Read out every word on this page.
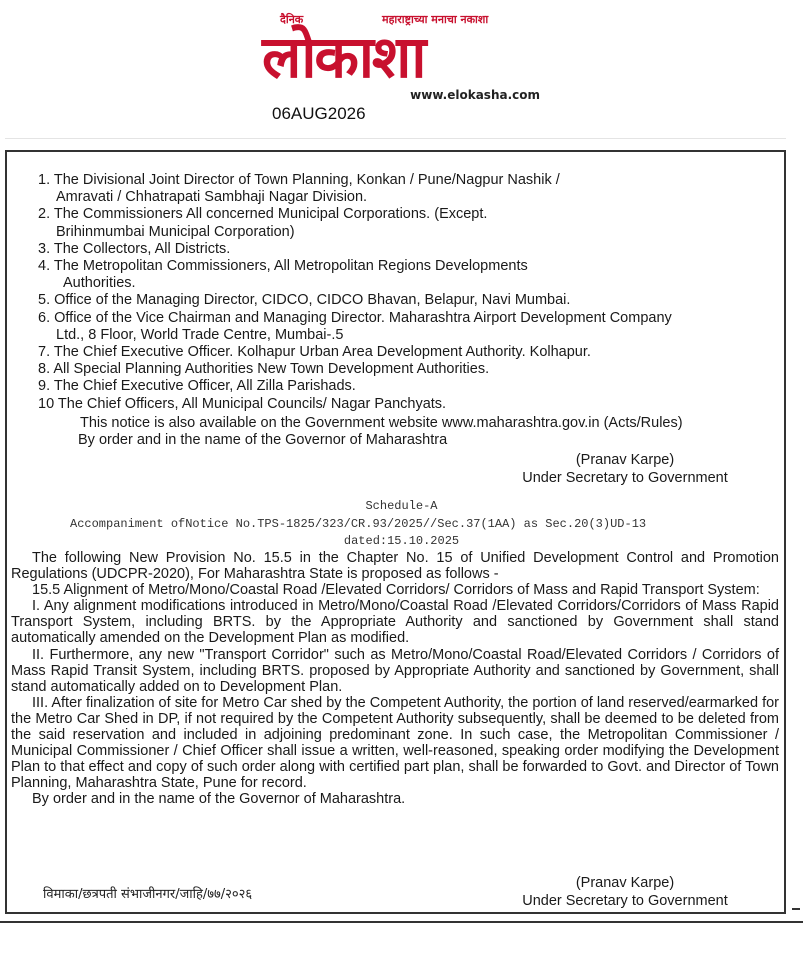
दैनिक	महाराष्ट्राच्या मनाचा नकाशा
लोकाशा
www.elokasha.com
06AUG2026
1. The Divisional Joint Director of Town Planning, Konkan / Pune/Nagpur Nashik /
Amravati / Chhatrapati Sambhaji Nagar Division.
2. The Commissioners All concerned Municipal Corporations. (Except.
Brihinmumbai Municipal Corporation)
3. The Collectors, All Districts.
4. The Metropolitan Commissioners, All Metropolitan Regions Developments
Authorities.
5. Office of the Managing Director, CIDCO, CIDCO Bhavan, Belapur, Navi Mumbai.
6. Office of the Vice Chairman and Managing Director. Maharashtra Airport Development Company
Ltd., 8 Floor, World Trade Centre, Mumbai-.5
7. The Chief Executive Officer. Kolhapur Urban Area Development Authority. Kolhapur.
8. All Special Planning Authorities New Town Development Authorities.
9. The Chief Executive Officer, All Zilla Parishads.
10 The Chief Officers, All Municipal Councils/ Nagar Panchyats.
This notice is also available on the Government website www.maharashtra.gov.in (Acts/Rules)
By order and in the name of the Governor of Maharashtra
(Pranav Karpe)
Under Secretary to Government
Schedule-A
Accompaniment ofNotice No.TPS-1825/323/CR.93/2025//Sec.37(1AA) as Sec.20(3)UD-13
dated:15.10.2025

The following New Provision No. 15.5 in the Chapter No. 15 of Unified Development Control and Promotion Regulations (UDCPR-2020), For Maharashtra State is proposed as follows -

15.5 Alignment of Metro/Mono/Coastal Road /Elevated Corridors/ Corridors of Mass and Rapid Transport System:

I. Any alignment modifications introduced in Metro/Mono/Coastal Road /Elevated Corridors/Corridors of Mass Rapid Transport System, including BRTS. by the Appropriate Authority and sanctioned by Government shall stand automatically amended on the Development Plan as modified.

II. Furthermore, any new "Transport Corridor" such as Metro/Mono/Coastal Road/Elevated Corridors / Corridors of Mass Rapid Transit System, including BRTS. proposed by Appropriate Authority and sanctioned by Government, shall stand automatically added on to Development Plan.

III. After finalization of site for Metro Car shed by the Competent Authority, the portion of land reserved/earmarked for the Metro Car Shed in DP, if not required by the Competent Authority subsequently, shall be deemed to be deleted from the said reservation and included in adjoining predominant zone. In such case, the Metropolitan Commissioner / Municipal Commissioner / Chief Officer shall issue a written, well-reasoned, speaking order modifying the Development Plan to that effect and copy of such order along with certified part plan, shall be forwarded to Govt. and Director of Town Planning, Maharashtra State, Pune for record.

By order and in the name of the Governor of Maharashtra.

विमाका/छत्रपती संभाजीनगर/जाहि/७७/२०२६
(Pranav Karpe)
Under Secretary to Government
